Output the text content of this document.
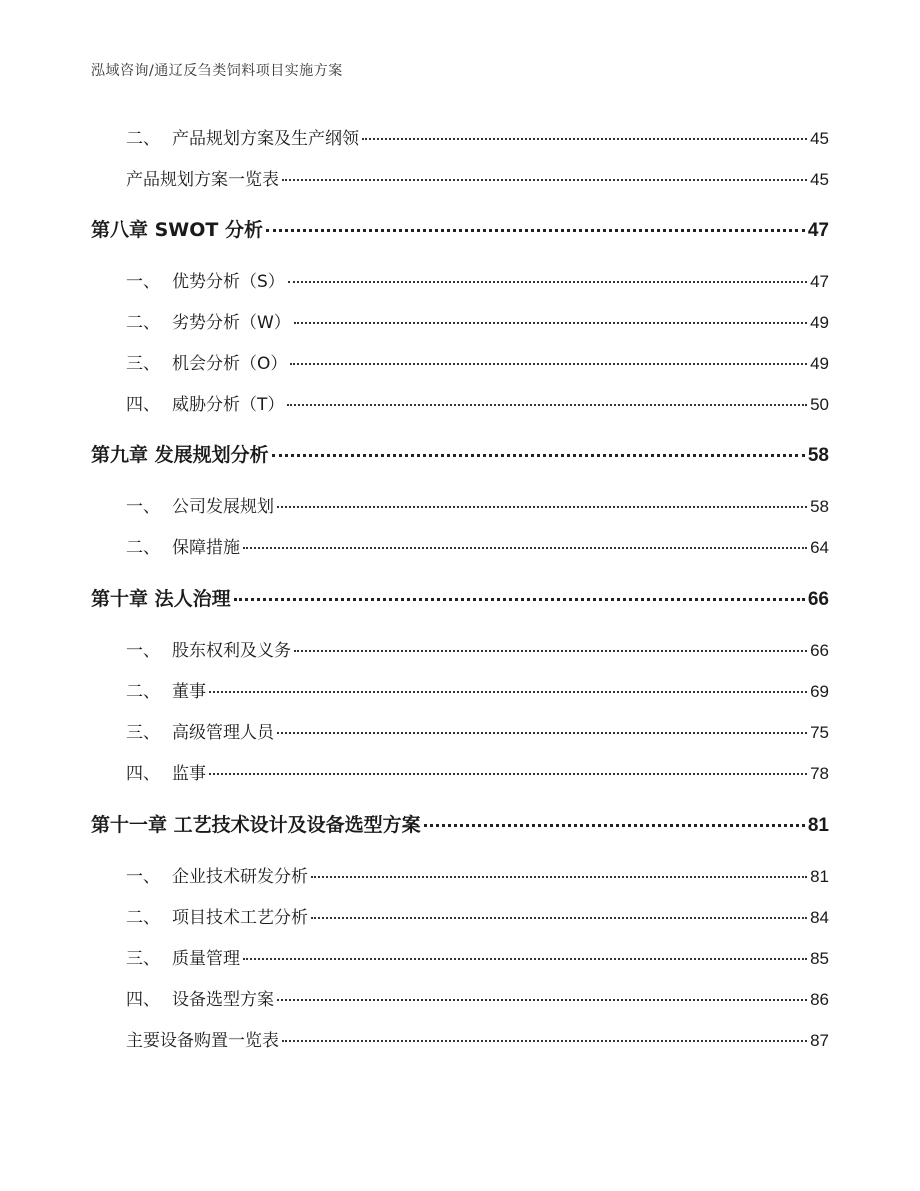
泓域咨询/通辽反刍类饲料项目实施方案
二、 产品规划方案及生产纲领	45
产品规划方案一览表	45
第八章 SWOT 分析	47
一、 优势分析（S）	47
二、 劣势分析（W）	49
三、 机会分析（O）	49
四、 威胁分析（T）	50
第九章 发展规划分析	58
一、 公司发展规划	58
二、 保障措施	64
第十章 法人治理	66
一、 股东权利及义务	66
二、 董事	69
三、 高级管理人员	75
四、 监事	78
第十一章 工艺技术设计及设备选型方案	81
一、 企业技术研发分析	81
二、 项目技术工艺分析	84
三、 质量管理	85
四、 设备选型方案	86
主要设备购置一览表	87
